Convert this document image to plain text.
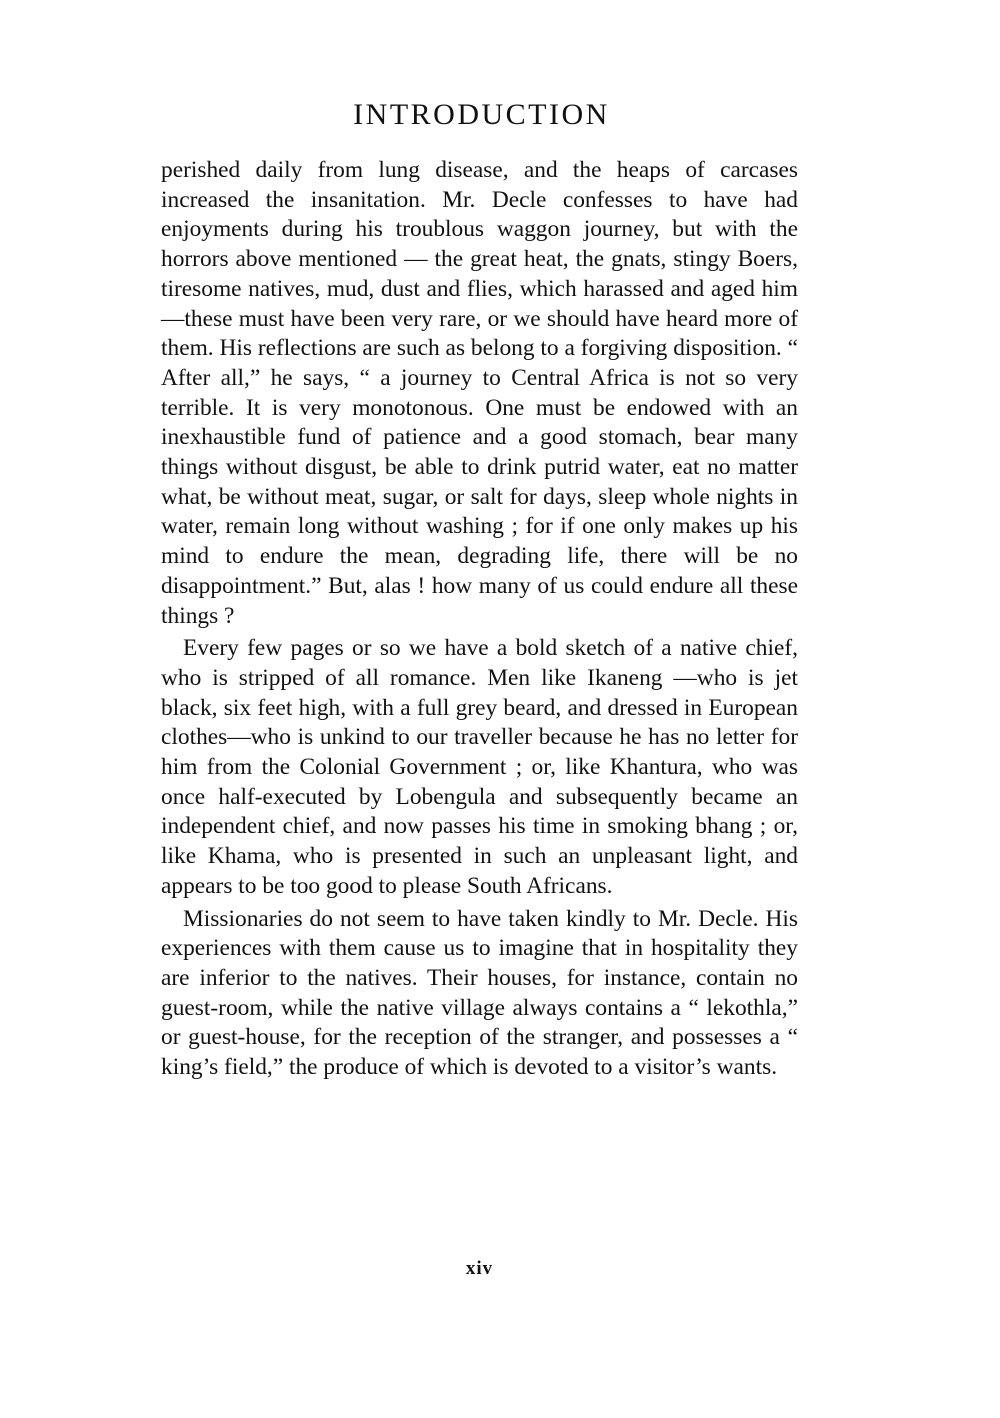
INTRODUCTION

perished daily from lung disease, and the heaps of carcases increased the insanitation. Mr. Decle confesses to have had enjoyments during his troublous waggon journey, but with the horrors above mentioned — the great heat, the gnats, stingy Boers, tiresome natives, mud, dust and flies, which harassed and aged him—these must have been very rare, or we should have heard more of them. His reflections are such as belong to a forgiving disposition. “ After all,” he says, “ a journey to Central Africa is not so very terrible. It is very monotonous. One must be endowed with an inexhaustible fund of patience and a good stomach, bear many things without disgust, be able to drink putrid water, eat no matter what, be without meat, sugar, or salt for days, sleep whole nights in water, remain long without washing ; for if one only makes up his mind to endure the mean, degrading life, there will be no disappointment.” But, alas ! how many of us could endure all these things ?

Every few pages or so we have a bold sketch of a native chief, who is stripped of all romance. Men like Ikaneng —who is jet black, six feet high, with a full grey beard, and dressed in European clothes—who is unkind to our traveller because he has no letter for him from the Colonial Government ; or, like Khantura, who was once half-executed by Lobengula and subsequently became an independent chief, and now passes his time in smoking bhang ; or, like Khama, who is presented in such an unpleasant light, and appears to be too good to please South Africans.

Missionaries do not seem to have taken kindly to Mr. Decle. His experiences with them cause us to imagine that in hospitality they are inferior to the natives. Their houses, for instance, contain no guest-room, while the native village always contains a “ lekothla,” or guest-house, for the reception of the stranger, and possesses a “ king’s field,” the produce of which is devoted to a visitor’s wants.

xiv
